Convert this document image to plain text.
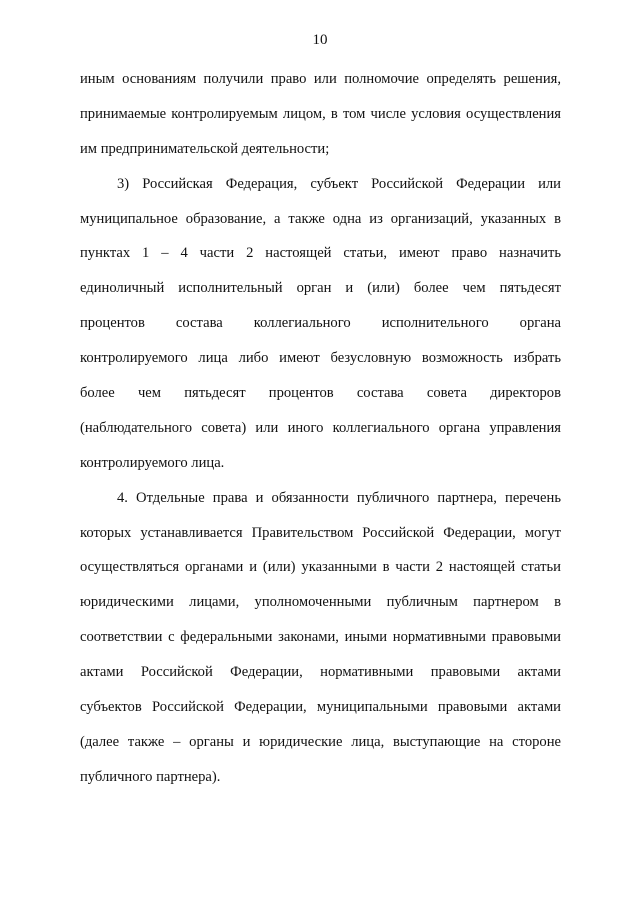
10
иным основаниям получили право или полномочие определять решения,
принимаемые контролируемым лицом, в том числе условия осуществления
им предпринимательской деятельности;
3) Российская Федерация, субъект Российской Федерации или
муниципальное образование, а также одна из организаций, указанных в
пунктах 1 – 4 части 2 настоящей статьи, имеют право назначить
единоличный исполнительный орган и (или) более чем пятьдесят
процентов состава коллегиального исполнительного органа
контролируемого лица либо имеют безусловную возможность избрать
более чем пятьдесят процентов состава совета директоров
(наблюдательного совета) или иного коллегиального органа управления
контролируемого лица.
4. Отдельные права и обязанности публичного партнера, перечень
которых устанавливается Правительством Российской Федерации, могут
осуществляться органами и (или) указанными в части 2 настоящей статьи
юридическими лицами, уполномоченными публичным партнером в
соответствии с федеральными законами, иными нормативными правовыми
актами Российской Федерации, нормативными правовыми актами
субъектов Российской Федерации, муниципальными правовыми актами
(далее также – органы и юридические лица, выступающие на стороне
публичного партнера).
